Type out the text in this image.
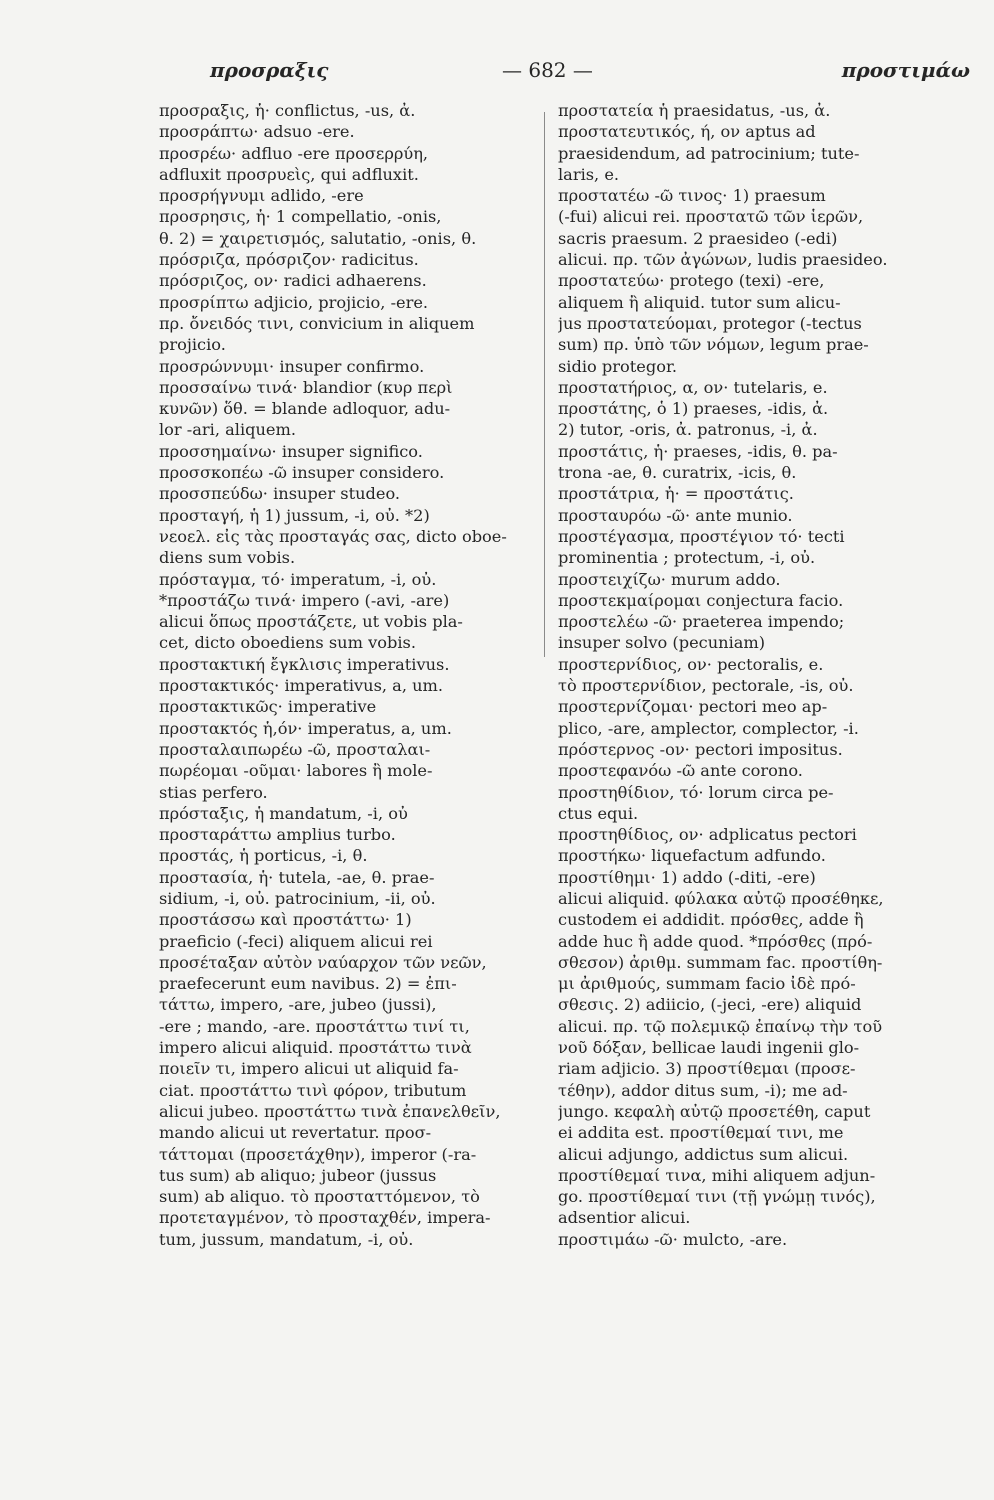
προσραξις	— 682 —	προστιμάω
προσραξις, ἡ· conflictus, -us, ἀ.
προσράπτω· adsuo -ere.
προσρέω· adfluo -ere προσερρύη,
adfluxit προσρυεὶς, qui adfluxit.
προσρήγνυμι adlido, -ere
προσρησις, ἡ· 1 compellatio, -onis,
θ. 2) = χαιρετισμός, salutatio, -onis, θ.
πρόσριζα, πρόσριζον· radicitus.
πρόσριζος, ον· radici adhaerens.
προσρίπτω adjicio, projicio, -ere.
πρ. ὄνειδός τινι, convicium in aliquem
projicio.
προσρώννυμι· insuper confirmo.
προσσαίνω τινά· blandior (κυρ περὶ
κυνῶν) ὅθ. = blande adloquor, adu-
lor -ari, aliquem.
προσσημαίνω· insuper significo.
προσσκοπέω -ῶ insuper considero.
προσσπεύδω· insuper studeo.
προσταγή, ἡ 1) jussum, -i, οὐ. *2)
νεοελ. εἰς τὰς προσταγάς σας, dicto oboe-
diens sum vobis.
πρόσταγμα, τό· imperatum, -i, οὐ.
*προστάζω τινά· impero (-avi, -are)
alicui ὅπως προστάζετε, ut vobis pla-
cet, dicto oboediens sum vobis.
προστακτική ἔγκλισις imperativus.
προστακτικός· imperativus, a, um.
προστακτικῶς· imperative
προστακτός ἡ,όν· imperatus, a, um.
προσταλαιπωρέω -ῶ, προσταλαι-
πωρέομαι -οῦμαι· labores ἢ mole-
stias perfero.
πρόσταξις, ἡ mandatum, -i, οὐ
προσταράττω amplius turbo.
προστάς, ἡ porticus, -i, θ.
προστασία, ἡ· tutela, -ae, θ. prae-
sidium, -i, οὐ. patrocinium, -ii, οὐ.
προστάσσω καὶ προστάττω· 1)
praeficio (-feci) aliquem alicui rei
προσέταξαν αὐτὸν ναύαρχον τῶν νεῶν,
praefecerunt eum navibus. 2) = ἐπι-
τάττω, impero, -are, jubeo (jussi),
-ere ; mando, -are. προστάττω τινί τι,
impero alicui aliquid. προστάττω τινὰ
ποιεῖν τι, impero alicui ut aliquid fa-
ciat. προστάττω τινὶ φόρον, tributum
alicui jubeo. προστάττω τινὰ ἐπανελθεῖν,
mando alicui ut revertatur. προσ-
τάττομαι (προσετάχθην), imperor (-ra-
tus sum) ab aliquo; jubeor (jussus
sum) ab aliquo. τὸ προσταττόμενον, τὸ
προτεταγμένον, τὸ προσταχθέν, impera-
tum, jussum, mandatum, -i, οὐ.
προστατεία ἡ praesidatus, -us, ἀ.
προστατευτικός, ή, ον aptus ad
praesidendum, ad patrocinium; tute-
laris, e.
προστατέω -ῶ τινος· 1) praesum
(-fui) alicui rei. προστατῶ τῶν ἱερῶν,
sacris praesum. 2 praesideo (-edi)
alicui. πρ. τῶν ἀγώνων, ludis praesideo.
προστατεύω· protego (texi) -ere,
aliquem ἢ aliquid. tutor sum alicu-
jus προστατεύομαι, protegor (-tectus
sum) πρ. ὑπὸ τῶν νόμων, legum prae-
sidio protegor.
προστατήριος, α, ον· tutelaris, e.
προστάτης, ὁ 1) praeses, -idis, ἀ.
2) tutor, -oris, ἀ. patronus, -i, ἀ.
προστάτις, ἡ· praeses, -idis, θ. pa-
trona -ae, θ. curatrix, -icis, θ.
προστάτρια, ἡ· = προστάτις.
προσταυρόω -ῶ· ante munio.
προστέγασμα, προστέγιον τό· tecti
prominentia ; protectum, -i, οὐ.
προστειχίζω· murum addo.
προστεκμαίρομαι conjectura facio.
προστελέω -ῶ· praeterea impendo;
insuper solvo (pecuniam)
προστερνίδιος, ον· pectoralis, e.
τὸ προστερνίδιον, pectorale, -is, οὐ.
προστερνίζομαι· pectori meo ap-
plico, -are, amplector, complector, -i.
πρόστερνος -ον· pectori impositus.
προστεφανόω -ῶ ante corono.
προστηθίδιον, τό· lorum circa pe-
ctus equi.
προστηθίδιος, ον· adplicatus pectori
προστήκω· liquefactum adfundo.
προστίθημι· 1) addo (-diti, -ere)
alicui aliquid. φύλακα αὐτῷ προσέθηκε,
custodem ei addidit. πρόσθες, adde ἢ
adde huc ἢ adde quod. *πρόσθες (πρό-
σθεσον) ἀριθμ. summam fac. προστίθη-
μι ἀριθμούς, summam facio ἰδὲ πρό-
σθεσις. 2) adiicio, (-jeci, -ere) aliquid
alicui. πρ. τῷ πολεμικῷ ἐπαίνῳ τὴν τοῦ
νοῦ δόξαν, bellicae laudi ingenii glo-
riam adjicio. 3) προστίθεμαι (προσε-
τέθην), addor ditus sum, -i); me ad-
jungo. κεφαλὴ αὐτῷ προσετέθη, caput
ei addita est. προστίθεμαί τινι, me
alicui adjungo, addictus sum alicui.
προστίθεμαί τινα, mihi aliquem adjun-
go. προστίθεμαί τινι (τῇ γνώμῃ τινός),
adsentior alicui.
προστιμάω -ῶ· mulcto, -are.
